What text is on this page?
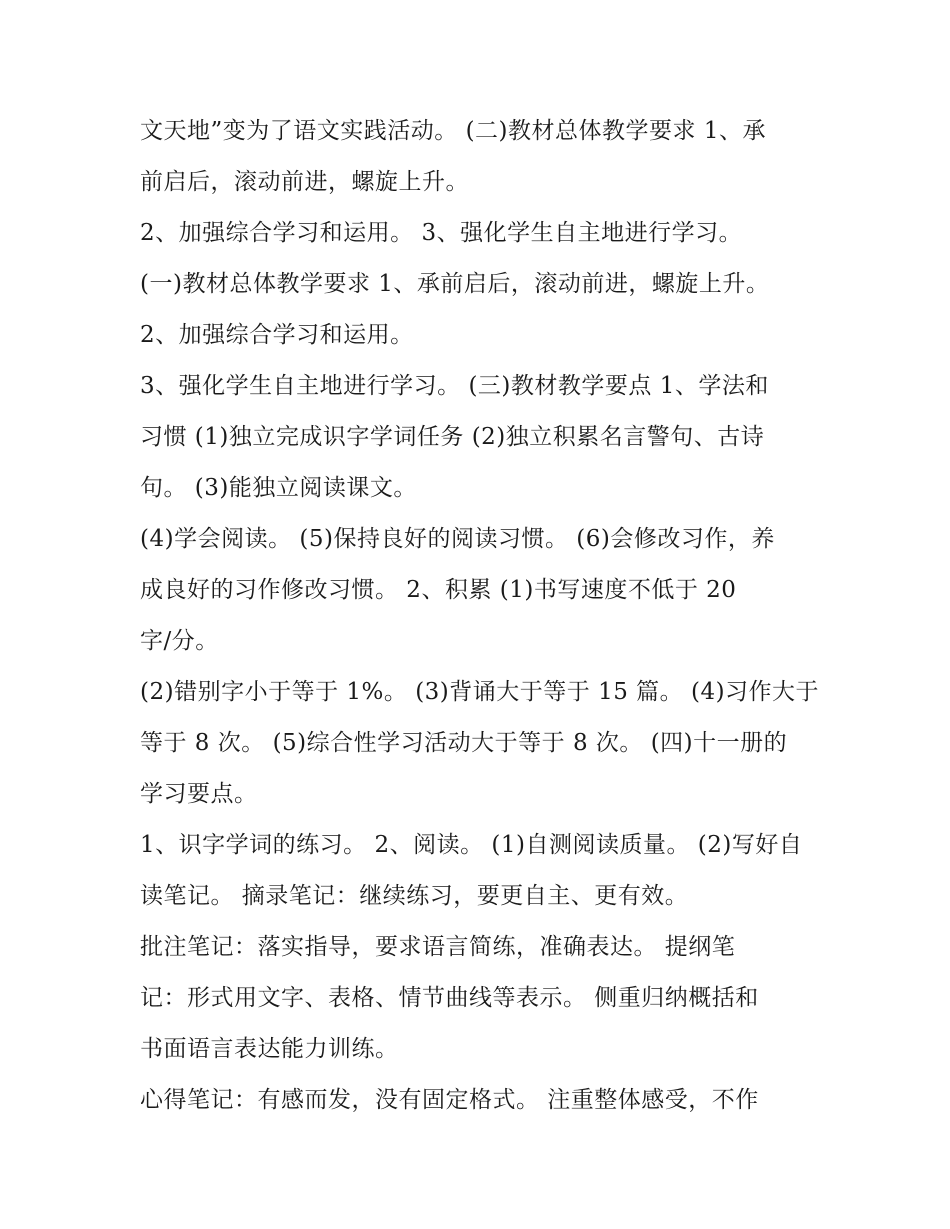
文天地”变为了语文实践活动。 (二)教材总体教学要求 1、承
前启后，滚动前进，螺旋上升。
2、加强综合学习和运用。 3、强化学生自主地进行学习。
(一)教材总体教学要求 1、承前启后，滚动前进，螺旋上升。
2、加强综合学习和运用。
3、强化学生自主地进行学习。 (三)教材教学要点 1、学法和
习惯 (1)独立完成识字学词任务 (2)独立积累名言警句、古诗
句。 (3)能独立阅读课文。
(4)学会阅读。 (5)保持良好的阅读习惯。 (6)会修改习作，养
成良好的习作修改习惯。 2、积累 (1)书写速度不低于 20
字/分。
(2)错别字小于等于 1%。 (3)背诵大于等于 15 篇。 (4)习作大于
等于 8 次。 (5)综合性学习活动大于等于 8 次。 (四)十一册的
学习要点。
1、识字学词的练习。 2、阅读。 (1)自测阅读质量。 (2)写好自
读笔记。 摘录笔记：继续练习，要更自主、更有效。
批注笔记：落实指导，要求语言简练，准确表达。 提纲笔
记：形式用文字、表格、情节曲线等表示。 侧重归纳概括和
书面语言表达能力训练。
心得笔记：有感而发，没有固定格式。 注重整体感受，不作
